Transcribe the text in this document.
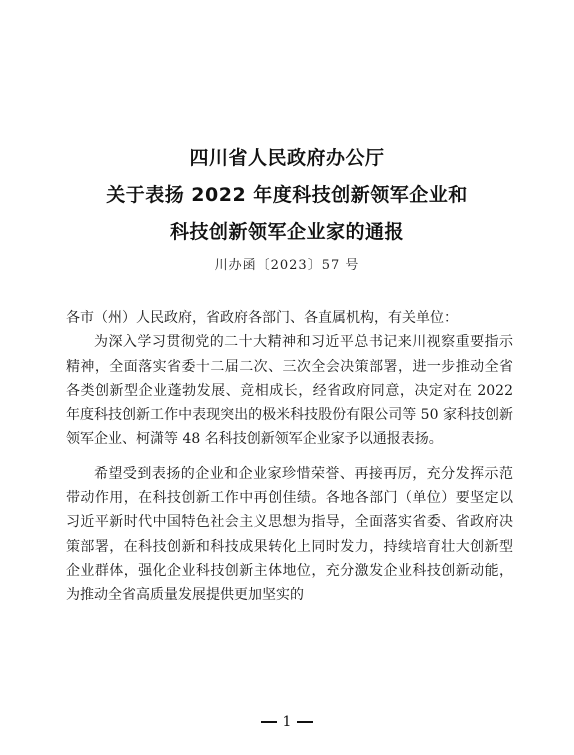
四川省人民政府办公厅
关于表扬 2022 年度科技创新领军企业和
科技创新领军企业家的通报
川办函〔2023〕57 号

各市（州）人民政府，省政府各部门、各直属机构，有关单位：

为深入学习贯彻党的二十大精神和习近平总书记来川视察重要指示精神，全面落实省委十二届二次、三次全会决策部署，进一步推动全省各类创新型企业蓬勃发展、竞相成长，经省政府同意，决定对在 2022 年度科技创新工作中表现突出的极米科技股份有限公司等 50 家科技创新领军企业、柯潇等 48 名科技创新领军企业家予以通报表扬。

希望受到表扬的企业和企业家珍惜荣誉、再接再厉，充分发挥示范带动作用，在科技创新工作中再创佳绩。各地各部门（单位）要坚定以习近平新时代中国特色社会主义思想为指导，全面落实省委、省政府决策部署，在科技创新和科技成果转化上同时发力，持续培育壮大创新型企业群体，强化企业科技创新主体地位，充分激发企业科技创新动能，为推动全省高质量发展提供更加坚实的

1
